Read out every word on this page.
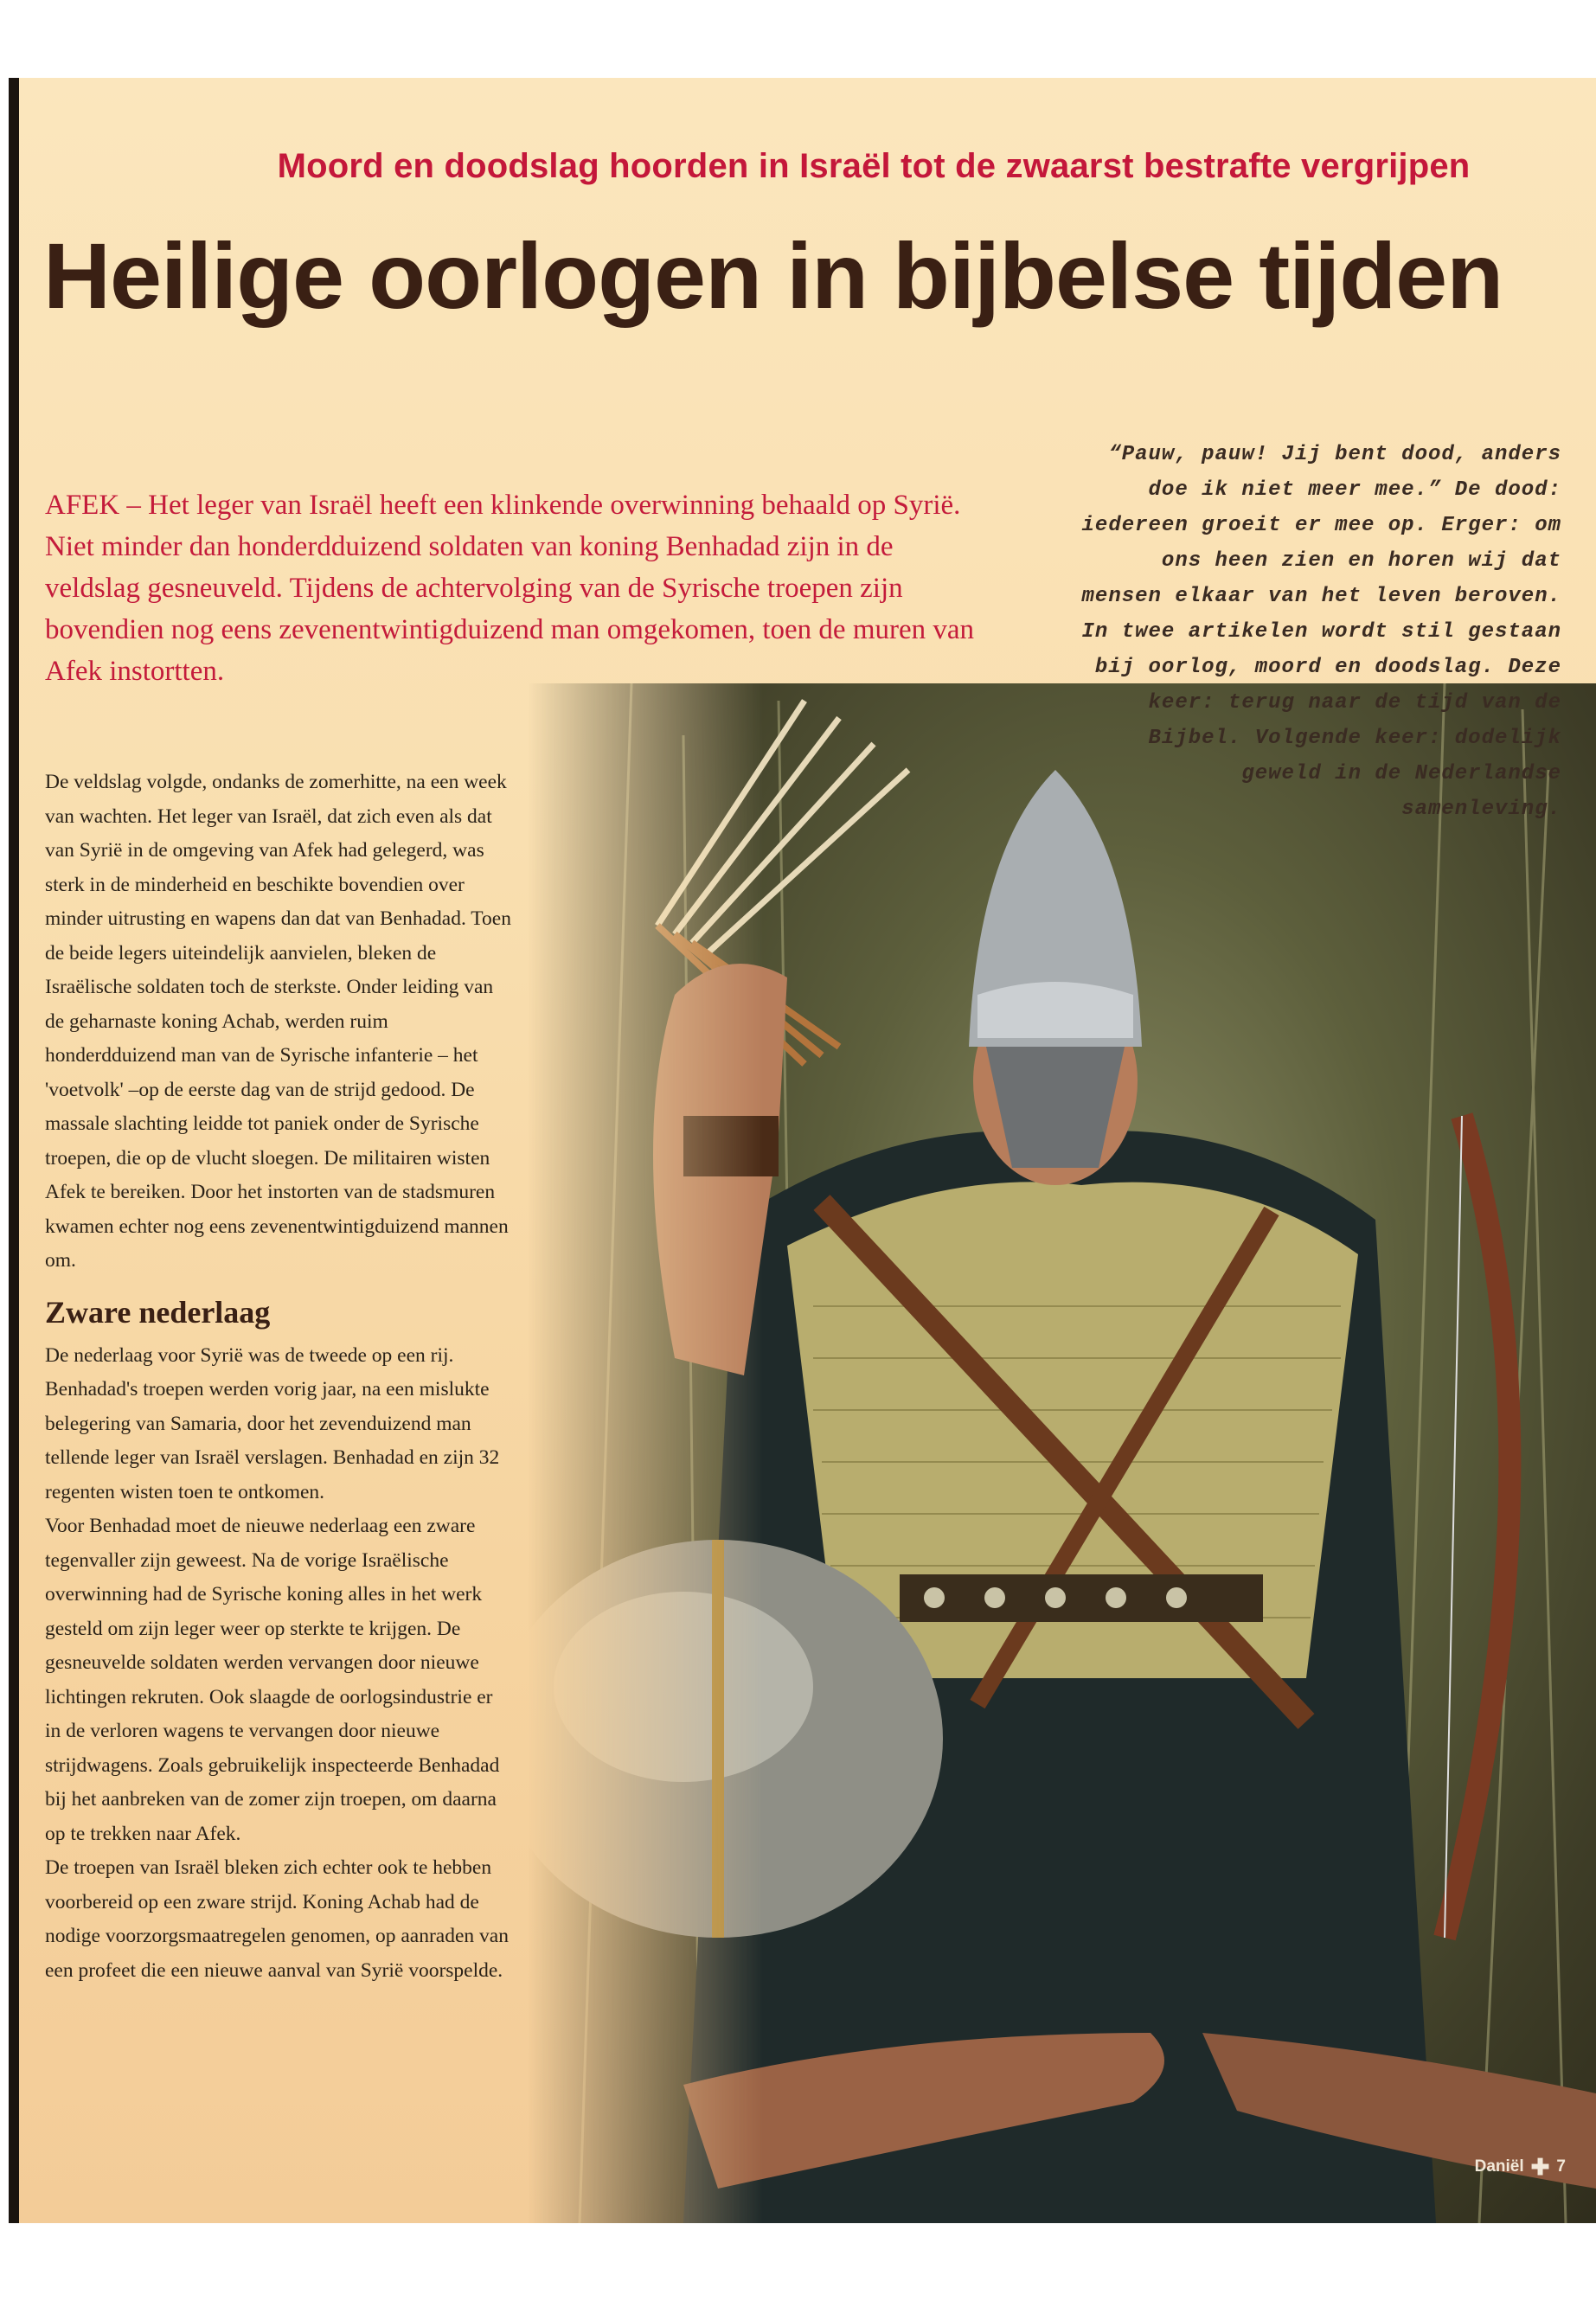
Moord en doodslag hoorden in Israël tot de zwaarst bestrafte vergrijpen
Heilige oorlogen in bijbelse tijden

AFEK – Het leger van Israël heeft een klinkende overwinning behaald op Syrië. Niet minder dan honderdduizend soldaten van koning Benhadad zijn in de veldslag gesneuveld. Tijdens de achtervolging van de Syrische troepen zijn bovendien nog eens zevenentwintigduizend man omgekomen, toen de muren van Afek instortten.

“Pauw, pauw! Jij bent dood, anders doe ik niet meer mee.” De dood: iedereen groeit er mee op. Erger: om ons heen zien en horen wij dat mensen elkaar van het leven beroven. In twee artikelen wordt stil gestaan bij oorlog, moord en doodslag. Deze keer: terug naar de tijd van de Bijbel. Volgende keer: dodelijk geweld in de Nederlandse samenleving.

De veldslag volgde, ondanks de zomerhitte, na een week van wachten. Het leger van Israël, dat zich even als dat van Syrië in de omgeving van Afek had gelegerd, was sterk in de minderheid en beschikte bovendien over minder uitrusting en wapens dan dat van Benhadad. Toen de beide legers uiteindelijk aanvielen, bleken de Israëlische soldaten toch de sterkste. Onder leiding van de geharnaste koning Achab, werden ruim honderdduizend man van de Syrische infanterie – het 'voetvolk' –op de eerste dag van de strijd gedood. De massale slachting leidde tot paniek onder de Syrische troepen, die op de vlucht sloegen. De militairen wisten Afek te bereiken. Door het instorten van de stadsmuren kwamen echter nog eens zevenentwintigduizend mannen om.

Zware nederlaag

De nederlaag voor Syrië was de tweede op een rij. Benhadad's troepen werden vorig jaar, na een mislukte belegering van Samaria, door het zevenduizend man tellende leger van Israël verslagen. Benhadad en zijn 32 regenten wisten toen te ontkomen.

Voor Benhadad moet de nieuwe nederlaag een zware tegenvaller zijn geweest. Na de vorige Israëlische overwinning had de Syrische koning alles in het werk gesteld om zijn leger weer op sterkte te krijgen. De gesneuvelde soldaten werden vervangen door nieuwe lichtingen rekruten. Ook slaagde de oorlogsindustrie er in de verloren wagens te vervangen door nieuwe strijdwagens. Zoals gebruikelijk inspecteerde Benhadad bij het aanbreken van de zomer zijn troepen, om daarna op te trekken naar Afek.

De troepen van Israël bleken zich echter ook te hebben voorbereid op een zware strijd. Koning Achab had de nodige voorzorgsmaatregelen genomen, op aanraden van een profeet die een nieuwe aanval van Syrië voorspelde.

Daniël ✚ 7
